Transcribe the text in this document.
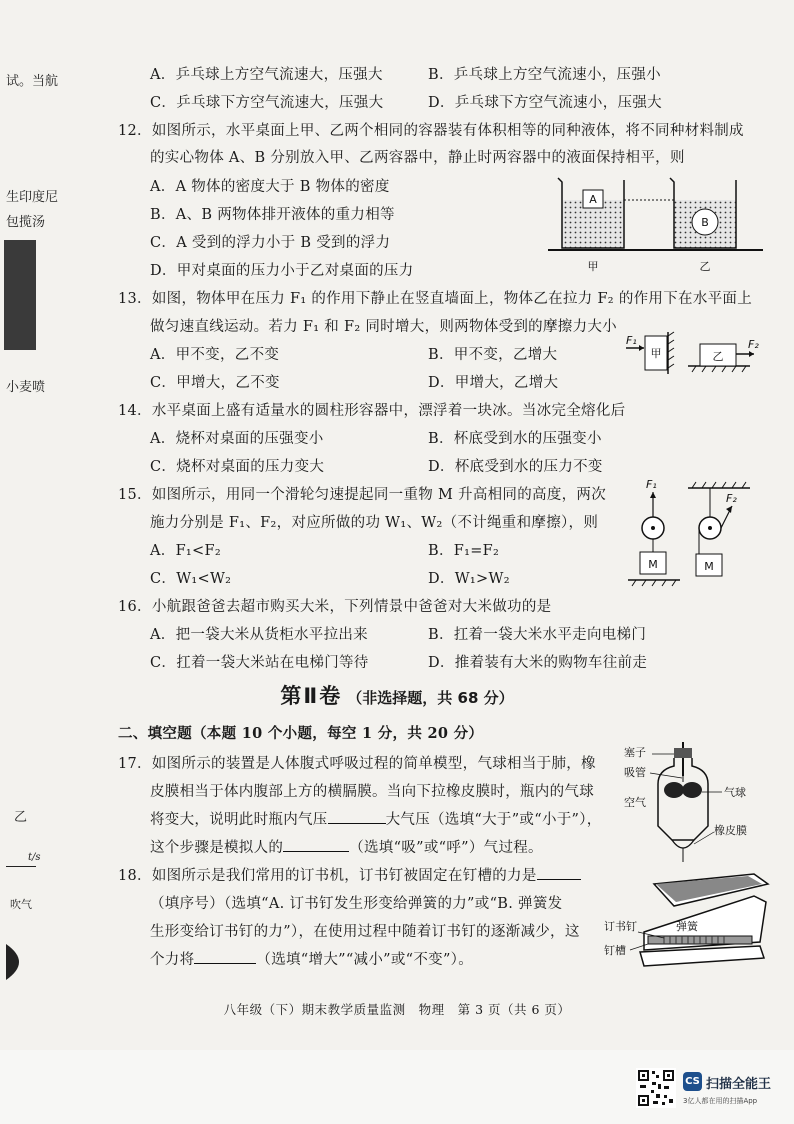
试。当航
生印度尼
包揽汤
小麦喷
乙
t/s
吹气
A．乒乓球上方空气流速大，压强大	B．乒乓球上方空气流速小，压强小
C．乒乓球下方空气流速大，压强大	D．乒乓球下方空气流速小，压强大
12．如图所示，水平桌面上甲、乙两个相同的容器装有体积相等的同种液体，将不同种材料制成
的实心物体 A、B 分别放入甲、乙两容器中，静止时两容器中的液面保持相平，则
A．A 物体的密度大于 B 物体的密度
B．A、B 两物体排开液体的重力相等
C．A 受到的浮力小于 B 受到的浮力
D．甲对桌面的压力小于乙对桌面的压力
A
B
甲	乙
13．如图，物体甲在压力 F₁ 的作用下静止在竖直墙面上，物体乙在拉力 F₂ 的作用下在水平面上
做匀速直线运动。若力 F₁ 和 F₂ 同时增大，则两物体受到的摩擦力大小
A．甲不变，乙不变	B．甲不变，乙增大
C．甲增大，乙不变	D．甲增大，乙增大
F₁
甲	乙
F₂
14．水平桌面上盛有适量水的圆柱形容器中，漂浮着一块冰。当冰完全熔化后
A．烧杯对桌面的压强变小	B．杯底受到水的压强变小
C．烧杯对桌面的压力变大	D．杯底受到水的压力不变
15．如图所示，用同一个滑轮匀速提起同一重物 M 升高相同的高度，两次
施力分别是 F₁、F₂，对应所做的功 W₁、W₂（不计绳重和摩擦），则
A．F₁<F₂	B．F₁=F₂
C．W₁<W₂	D．W₁>W₂
F₁
M
F₂
M
16．小航跟爸爸去超市购买大米，下列情景中爸爸对大米做功的是
A．把一袋大米从货柜水平拉出来	B．扛着一袋大米水平走向电梯门
C．扛着一袋大米站在电梯门等待	D．推着装有大米的购物车往前走
第Ⅱ卷 （非选择题，共 68 分）
二、填空题（本题 10 个小题，每空 1 分，共 20 分）
17．如图所示的装置是人体腹式呼吸过程的简单模型，气球相当于肺，橡
皮膜相当于体内腹部上方的横膈膜。当向下拉橡皮膜时，瓶内的气球
将变大，说明此时瓶内气压	大气压（选填“大于”或“小于”），
这个步骤是模拟人的	（选填“吸”或“呼”）气过程。
塞子
吸管
空气
气球
橡皮膜
18．如图所示是我们常用的订书机，订书钉被固定在钉槽的力是
（填序号）（选填“A. 订书钉发生形变给弹簧的力”或“B. 弹簧发
生形变给订书钉的力”），在使用过程中随着订书钉的逐渐减少，这
个力将	（选填“增大”“减小”或“不变”）。
订书钉	弹簧
钉槽
八年级（下）期末教学质量监测　物理　第 3 页（共 6 页）
CS 扫描全能王
3亿人都在用的扫描App
